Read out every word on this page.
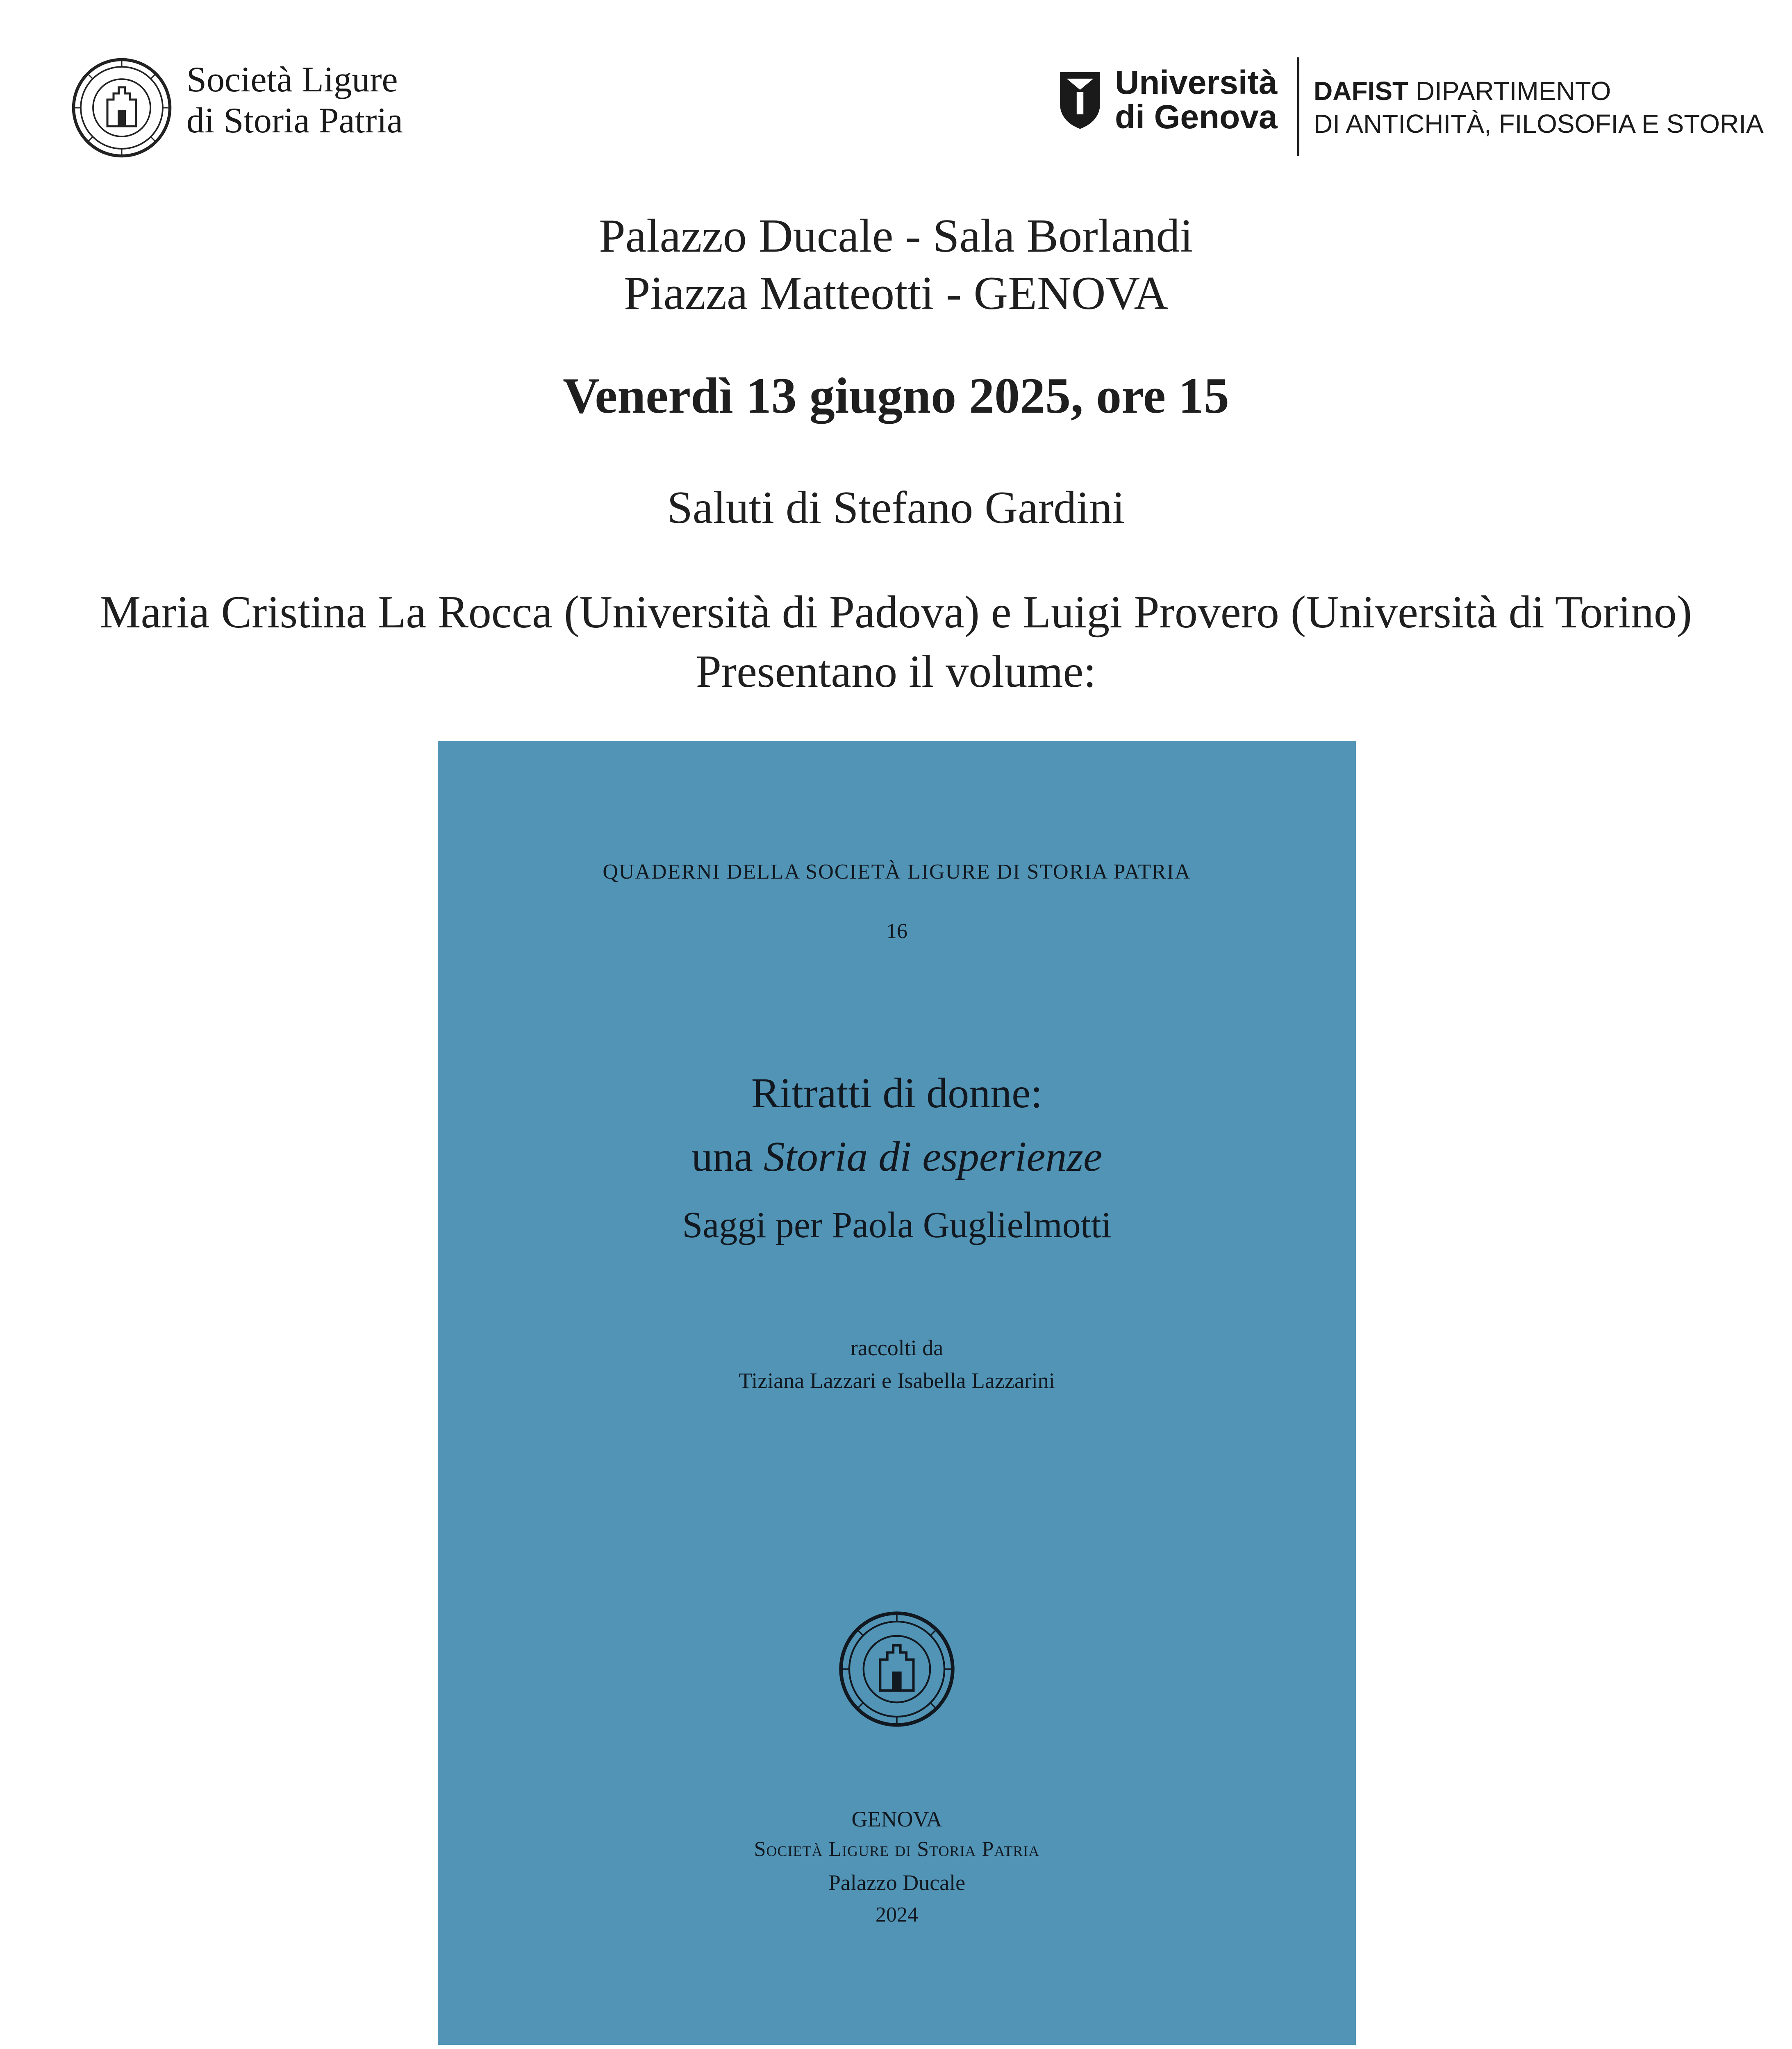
Società Ligure
di Storia Patria
Università
di Genova
DAFIST DIPARTIMENTO
DI ANTICHITÀ, FILOSOFIA E STORIA
Palazzo Ducale - Sala Borlandi
Piazza Matteotti - GENOVA
Venerdì 13 giugno 2025, ore 15
Saluti di Stefano Gardini
Maria Cristina La Rocca (Università di Padova) e Luigi Provero (Università di Torino)
Presentano il volume:
QUADERNI DELLA SOCIETÀ LIGURE DI STORIA PATRIA
16
Ritratti di donne:
una Storia di esperienze
Saggi per Paola Guglielmotti
raccolti da
Tiziana Lazzari e Isabella Lazzarini
GENOVA
Società Ligure di Storia Patria
Palazzo Ducale
2024
